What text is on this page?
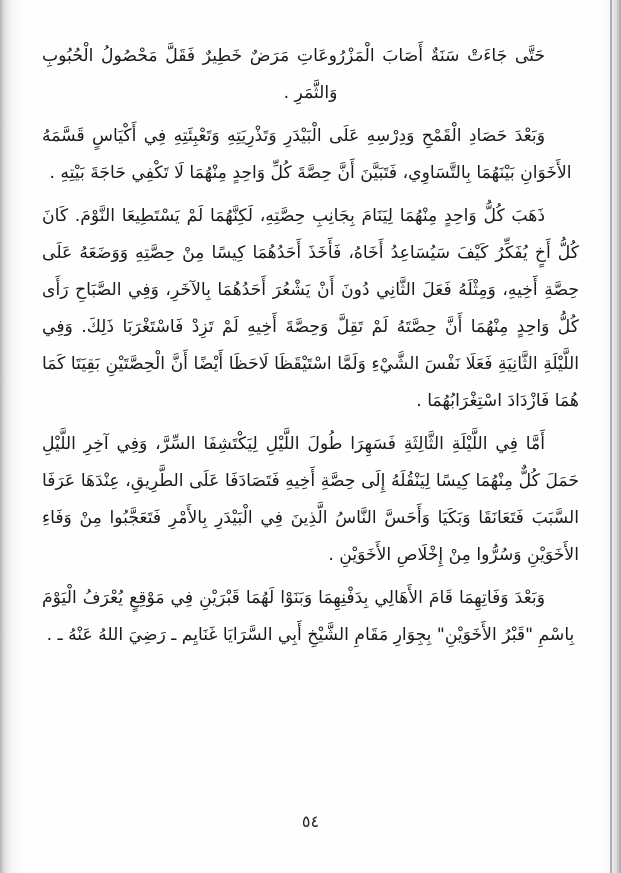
حَتَّى جَاءَتْ سَنَةٌ أَصَابَ الْمَزْرُوعَاتِ مَرَضٌ خَطِيرٌ فَقَلَّ مَحْصُولُ الْحُبُوبِ وَالثَّمَرِ .

وَبَعْدَ حَصَادِ الْقَمْحِ وَدِرْسِهِ عَلَى الْبَيْدَرِ وَتَذْرِيَتِهِ وَتَعْبِئَتِهِ فِي أَكْيَاسٍ قَسَّمَهُ الأَخَوَانِ بَيْنَهُمَا بِالتَّسَاوِي، فَتَبَيَّنَ أَنَّ حِصَّةَ كُلِّ وَاحِدٍ مِنْهُمَا لَا تَكْفِي حَاجَةَ بَيْتِهِ .

ذَهَبَ كُلُّ وَاحِدٍ مِنْهُمَا لِيَنَامَ بِجَانِبِ حِصَّتِهِ، لَكِنَّهُمَا لَمْ يَسْتَطِيعَا النَّوْمَ. كَانَ كُلُّ أَخٍ يُفَكِّرُ كَيْفَ سَيُسَاعِدُ أَخَاهُ، فَأَخَذَ أَحَدُهُمَا كِيسًا مِنْ حِصَّتِهِ وَوَضَعَهُ عَلَى حِصَّةِ أَخِيهِ، وَمِثْلَهُ فَعَلَ الثَّانِي دُونَ أَنْ يَشْعُرَ أَحَدُهُمَا بِالآخَرِ، وَفِي الصَّبَاحِ رَأَى كُلُّ وَاحِدٍ مِنْهُمَا أَنَّ حِصَّتَهُ لَمْ تَقِلَّ وَحِصَّةَ أَخِيهِ لَمْ تَزِدْ فَاسْتَغْرَبَا ذَلِكَ. وَفِي اللَّيْلَةِ الثَّانِيَةِ فَعَلَا نَفْسَ الشَّيْءِ وَلَمَّا اسْتَيْقَظَا لَاحَظَا أَيْضًا أَنَّ الْحِصَّتَيْنِ بَقِيَتَا كَمَا هُمَا فَازْدَادَ اسْتِغْرَابُهُمَا .

أَمَّا فِي اللَّيْلَةِ الثَّالِثَةِ فَسَهِرَا طُولَ اللَّيْلِ لِيَكْتَشِفَا السِّرَّ، وَفِي آخِرِ اللَّيْلِ حَمَلَ كُلٌّ مِنْهُمَا كِيسًا لِيَنْقُلَهُ إِلَى حِصَّةِ أَخِيهِ فَتَصَادَفَا عَلَى الطَّرِيقِ، عِنْدَهَا عَرَفَا السَّبَبَ فَتَعَانَقَا وَبَكَيَا وَأَحَسَّ النَّاسُ الَّذِينَ فِي الْبَيْدَرِ بِالأَمْرِ فَتَعَجَّبُوا مِنْ وَفَاءِ الأَخَوَيْنِ وَسُرُّوا مِنْ إِخْلَاصِ الأَخَوَيْنِ .

وَبَعْدَ وَفَاتِهِمَا قَامَ الأَهَالِي بِدَفْنِهِمَا وَبَنَوْا لَهُمَا قَبْرَيْنِ فِي مَوْقِعٍ يُعْرَفُ الْيَوْمَ بِاسْمِ "قَبْرُ الأَخَوَيْنِ" بِجِوَارِ مَقَامِ الشَّيْخِ أَبِي السَّرَايَا غَنَايِم ـ رَضِيَ اللهُ عَنْهُ ـ .

٥٤
